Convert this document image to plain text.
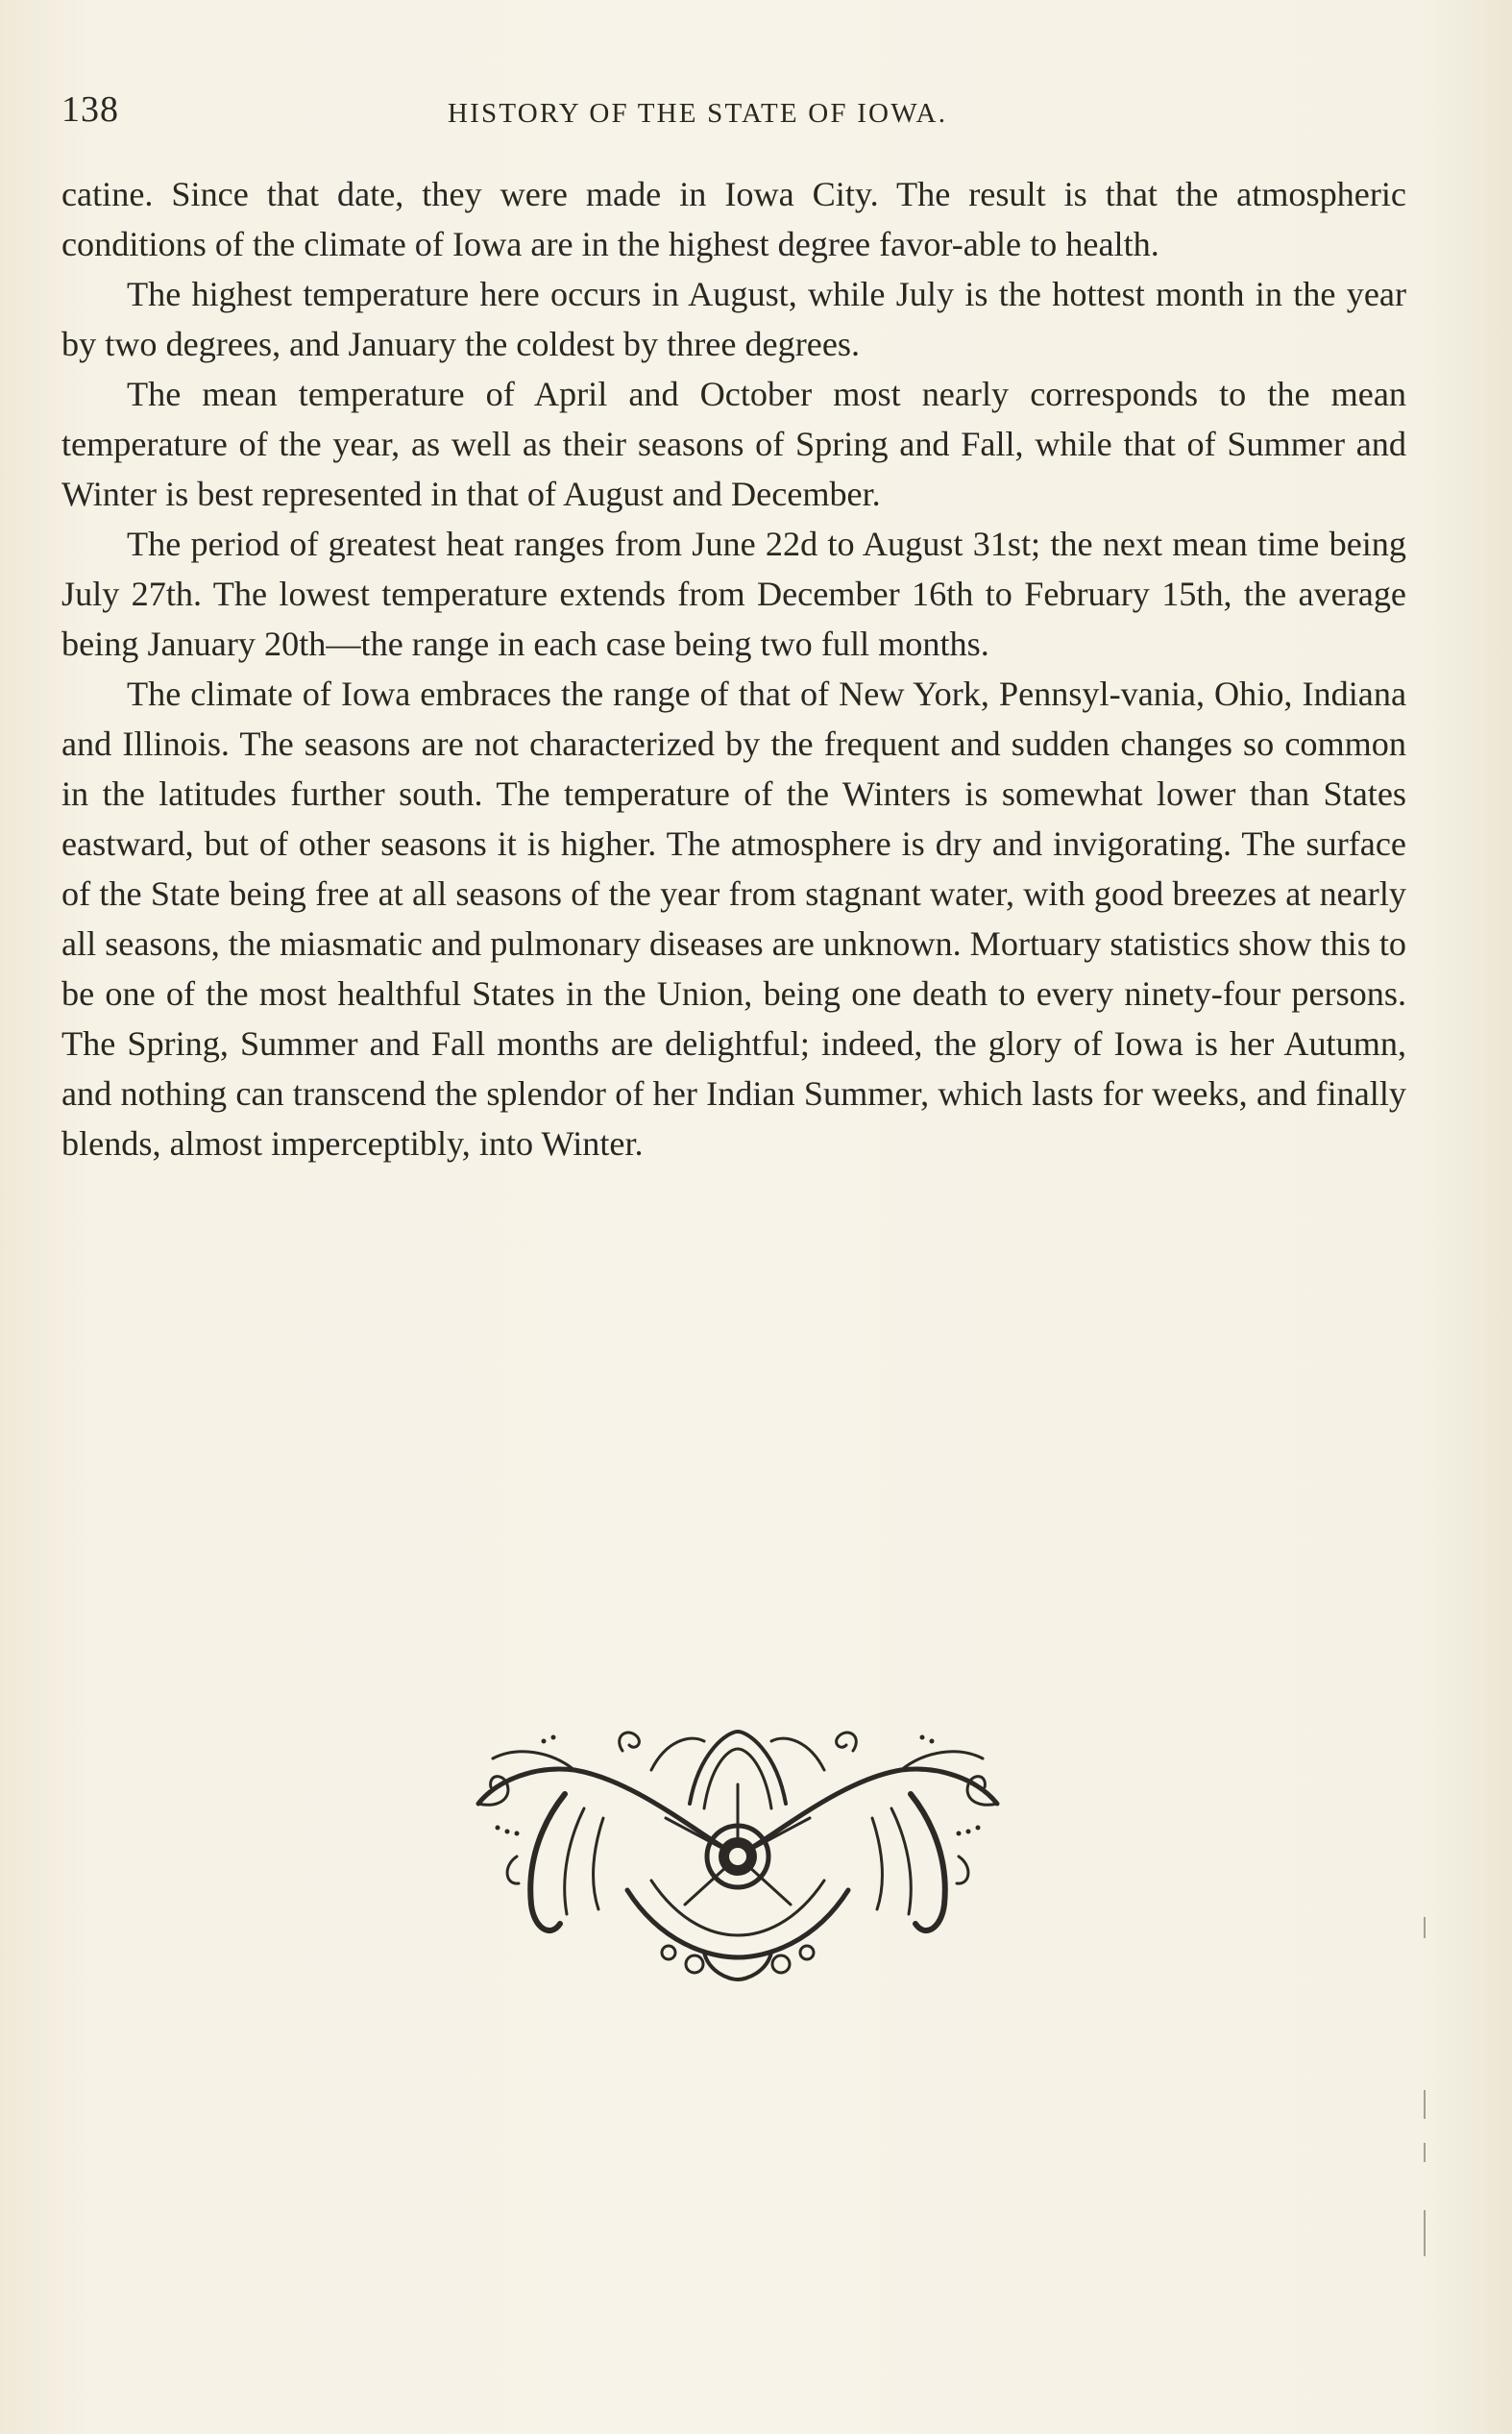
138	HISTORY OF THE STATE OF IOWA.

catine. Since that date, they were made in Iowa City. The result is that the atmospheric conditions of the climate of Iowa are in the highest degree favor-able to health.

The highest temperature here occurs in August, while July is the hottest month in the year by two degrees, and January the coldest by three degrees.

The mean temperature of April and October most nearly corresponds to the mean temperature of the year, as well as their seasons of Spring and Fall, while that of Summer and Winter is best represented in that of August and December.

The period of greatest heat ranges from June 22d to August 31st; the next mean time being July 27th. The lowest temperature extends from December 16th to February 15th, the average being January 20th—the range in each case being two full months.

The climate of Iowa embraces the range of that of New York, Pennsyl-vania, Ohio, Indiana and Illinois. The seasons are not characterized by the frequent and sudden changes so common in the latitudes further south. The temperature of the Winters is somewhat lower than States eastward, but of other seasons it is higher. The atmosphere is dry and invigorating. The surface of the State being free at all seasons of the year from stagnant water, with good breezes at nearly all seasons, the miasmatic and pulmonary diseases are unknown. Mortuary statistics show this to be one of the most healthful States in the Union, being one death to every ninety-four persons. The Spring, Summer and Fall months are delightful; indeed, the glory of Iowa is her Autumn, and nothing can transcend the splendor of her Indian Summer, which lasts for weeks, and finally blends, almost imperceptibly, into Winter.
